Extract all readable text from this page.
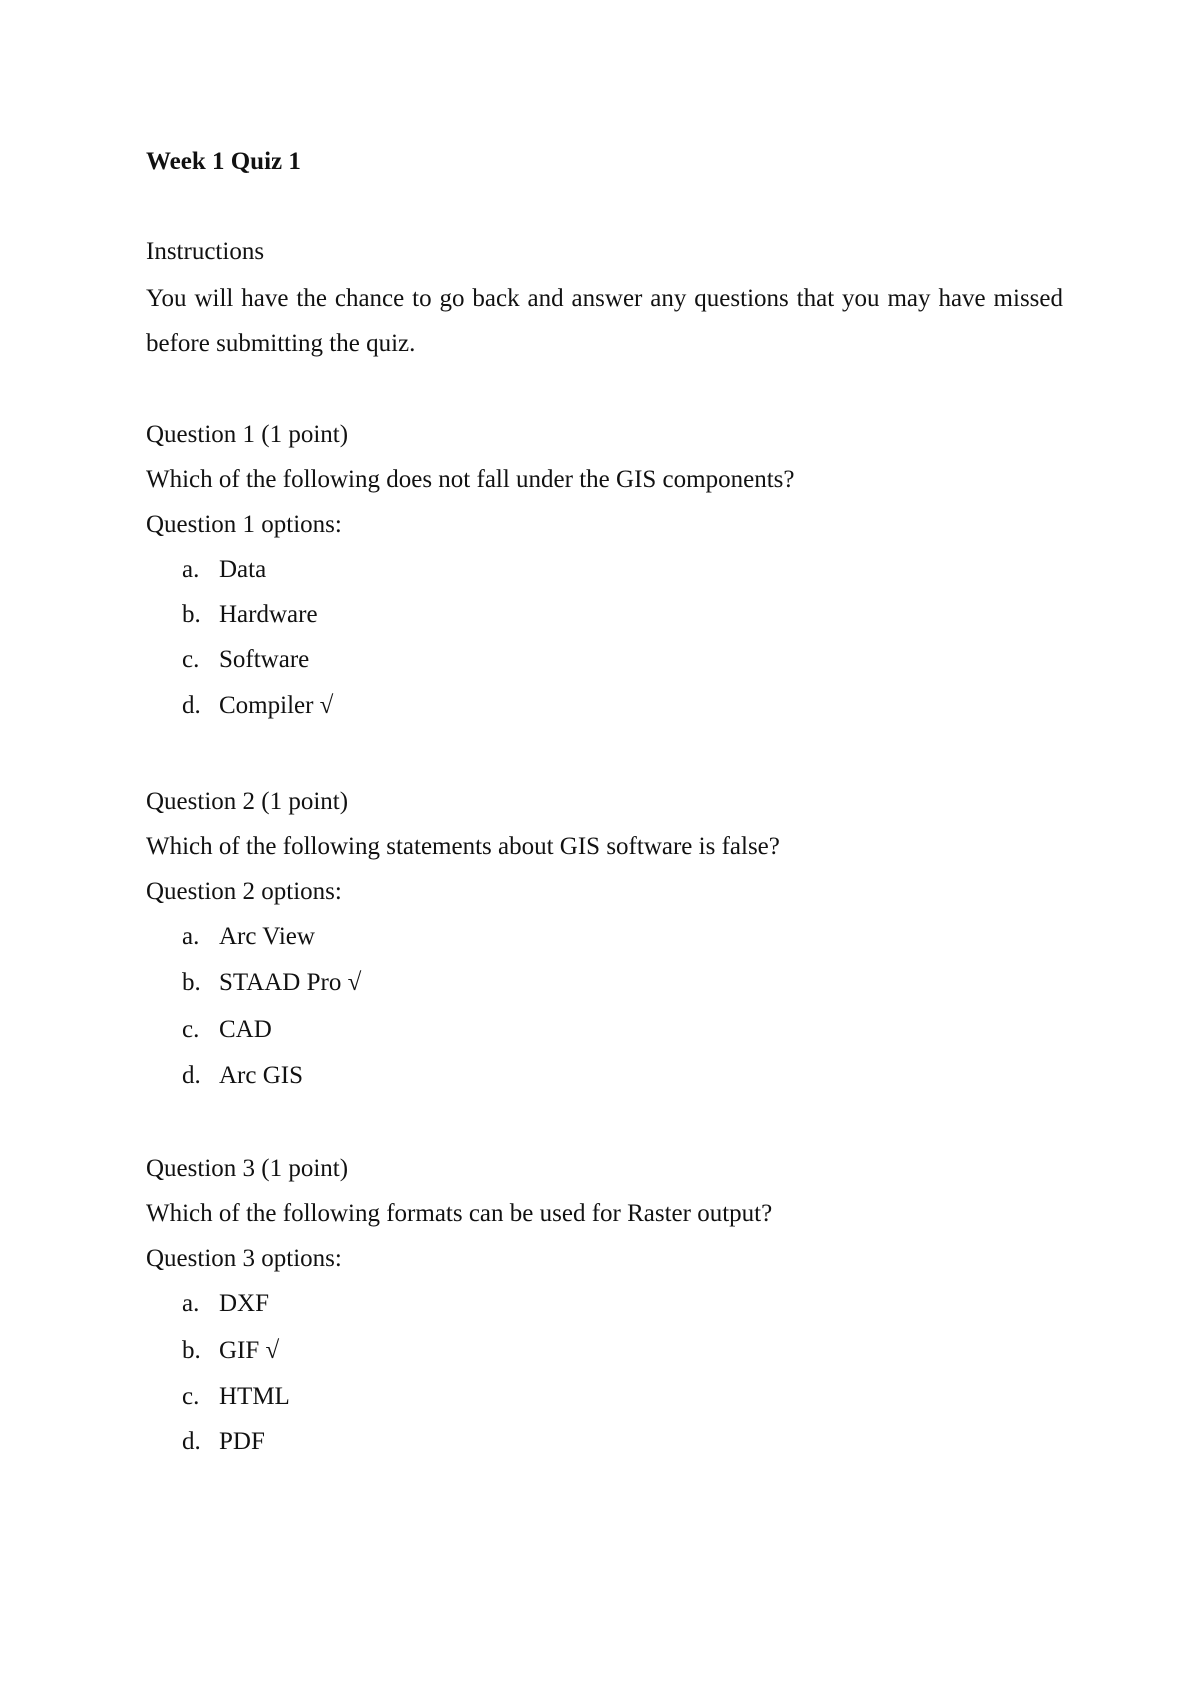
Week 1 Quiz 1
Instructions
You will have the chance to go back and answer any questions that you may have missed before submitting the quiz.
Question 1 (1 point)
Which of the following does not fall under the GIS components?
Question 1 options:
a. Data
b. Hardware
c. Software
d. Compiler √
Question 2 (1 point)
Which of the following statements about GIS software is false?
Question 2 options:
a. Arc View
b. STAAD Pro √
c. CAD
d. Arc GIS
Question 3 (1 point)
Which of the following formats can be used for Raster output?
Question 3 options:
a. DXF
b. GIF √
c. HTML
d. PDF
